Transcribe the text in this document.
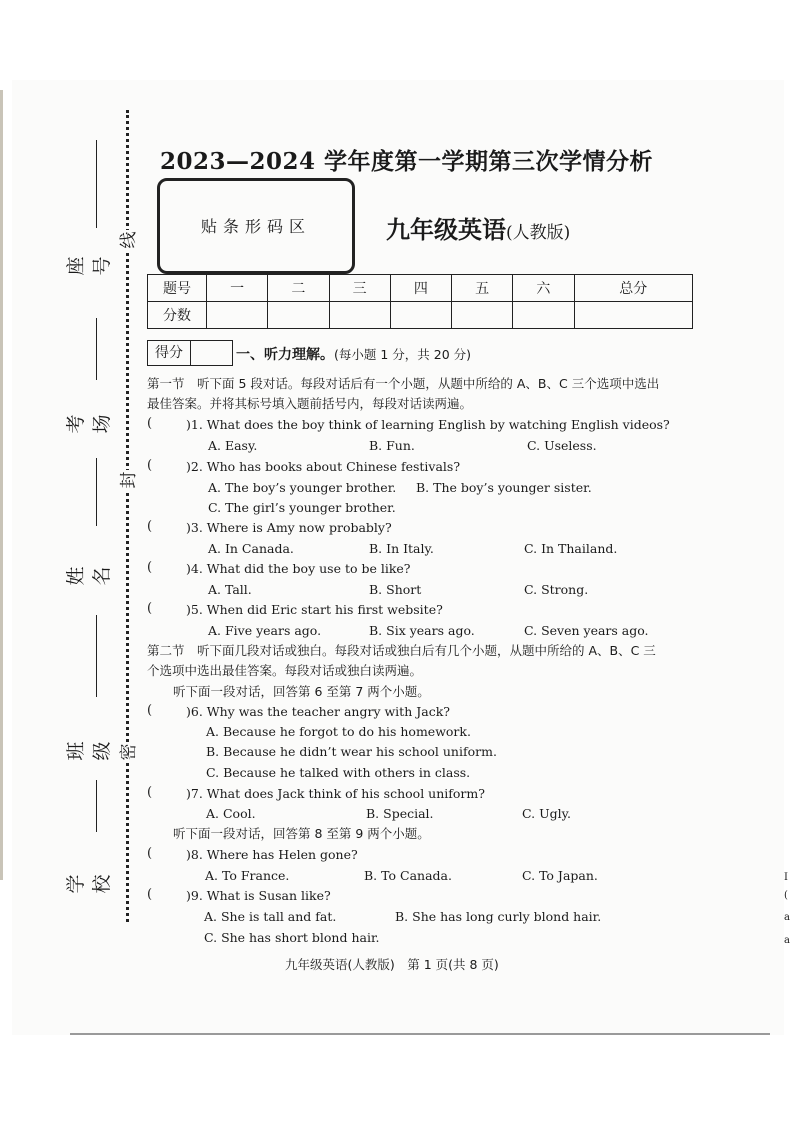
线
封
密
座号
考场
姓名
班级
学校
2023—2024 学年度第一学期第三次学情分析
贴条形码区	九年级英语(人教版)
题号	一	二	三	四	五	六	总分
分数							
得分	一、听力理解。(每小题 1 分，共 20 分)
第一节　听下面 5 段对话。每段对话后有一个小题，从题中所给的 A、B、C 三个选项中选出
最佳答案。并将其标号填入题前括号内，每段对话读两遍。
(	)1. What does the boy think of learning English by watching English videos?
A. Easy.	B. Fun.	C. Useless.
(	)2. Who has books about Chinese festivals?
A. The boy’s younger brother. B. The boy’s younger sister.
C. The girl’s younger brother.
(	)3. Where is Amy now probably?
A. In Canada.	B. In Italy.	C. In Thailand.
(	)4. What did the boy use to be like?
A. Tall.	B. Short	C. Strong.
(	)5. When did Eric start his first website?
A. Five years ago.	B. Six years ago.	C. Seven years ago.
第二节　听下面几段对话或独白。每段对话或独白后有几个小题，从题中所给的 A、B、C 三
个选项中选出最佳答案。每段对话或独白读两遍。
听下面一段对话，回答第 6 至第 7 两个小题。
(	)6. Why was the teacher angry with Jack?
A. Because he forgot to do his homework.
B. Because he didn’t wear his school uniform.
C. Because he talked with others in class.
(	)7. What does Jack think of his school uniform?
A. Cool.	B. Special.	C. Ugly.
听下面一段对话，回答第 8 至第 9 两个小题。
(	)8. Where has Helen gone?
A. To France.	B. To Canada.	C. To Japan.
(	)9. What is Susan like?
A. She is tall and fat.	B. She has long curly blond hair.
C. She has short blond hair.
九年级英语(人教版)　第 1 页(共 8 页)
I
(
a
a
